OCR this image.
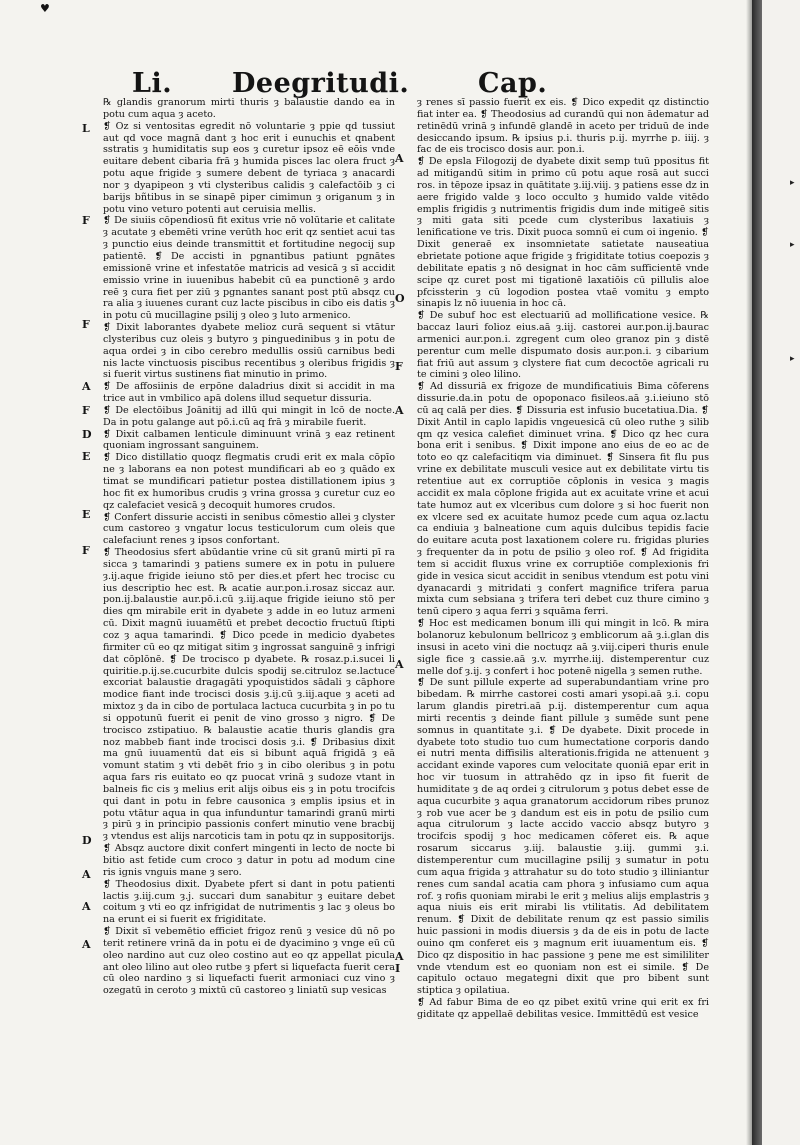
▸
▸
▸
♥
Li. Deegritudi.	Cap.
L
F
F
A
F
D
E
E
F
A
D
A
A
A
O
F
A
A
A
I

℞ glandis granorum mirti thuris ȝ balaustie dando ea in potu cum aqua ȝ aceto.

❡ Oz si ventositas egredit nō voluntarie ȝ ppie qd tussiut aut qd voce magnā dant ȝ hoc erit i eunuchis et qnabent sstratis ȝ humiditatis sup eos ȝ curetur ipsoz eē eōis vnde euitare debent cibaria frā ȝ humida pisces lac olera fruct ȝ potu aque frigide ȝ sumere debent de tyriaca ȝ anacardi nor ȝ dyapipeon ȝ vti clysteribus calidis ȝ calefactōib ȝ ci barijs bñtibus in se sinapē piper cimimun ȝ origanum ȝ in potu vino veturo potenti aut ceruisia mellis.

❡ De siuiis cōpendiosū fit exitus vrie nō volūtarie et calitate ȝ acutate ȝ ebemēti vrine verūth hoc erit qz sentiet acui tas ȝ punctio eius deinde transmittit et fortitudine negocij sup patientē. ❡ De accisti in pgnantibus patiunt pgnātes emissionē vrine et infestatōe matricis ad vesicā ȝ sī accidit emissio vrine in iuuenibus habebit cū ea punctionē ȝ ardo reē ȝ cura fiet per ziū ȝ pgnantes sanant post ptū absqz cu ra alia ȝ iuuenes curant cuz lacte piscibus in cibo eis datis ȝ in potu cū mucillagine psilij ȝ oleo ȝ luto armenico.

❡ Dixit laborantes dyabete melioz curā sequent si vtātur clysteribus cuz oleis ȝ butyro ȝ pinguedinibus ȝ in potu de aqua ordei ȝ in cibo cerebro medullis ossiū carnibus bedi nis lacte vinctuosis piscibus recentibus ȝ oleribus frigidis ȝ si fuerit virtus sustinens fiat minutio in primo.

❡ De affosiinis de erpōne daladrius dixit si accidit in ma trice aut in vmbilico apā dolens illud sequetur dissuria.

❡ De electōibus Joānitij ad illū qui mingit in lcō de nocte. Da in potu galange aut pō.i.cū aq frā ȝ mirabile fuerit.

❡ Dixit calbamen lenticule diminuunt vrinā ȝ eaz retinent quoniam ingrossant sanguinem.

❡ Dico distillatio quoqz flegmatis crudi erit ex mala cōpīo ne ȝ laborans ea non potest mundificari ab eo ȝ quādo ex timat se mundificari patietur postea distillationem ipius ȝ hoc fit ex humoribus crudis ȝ vrina grossa ȝ curetur cuz eo qz calefaciet vesicā ȝ decoquit humores crudos.

❡ Confert dissurie accisti in senibus cōmestio allei ȝ clyster cum castoreo ȝ vngatur locus testiculorum cum oleis que calefaciunt renes ȝ ipsos confortant.

❡ Theodosius sfert abūdantie vrine cū sit granū mirti pī ra sicca ȝ tamarindi ȝ patiens sumere ex in potu in puluere ȝ.ij.aque frigide ieiuno stō per dies.et pfert hec trocisc cu ius descriptio hec est. ℞ acatie aur.pon.i.rosaz siccaz aur. pon.ij.balaustie aur.pō.i.cū ȝ.iij.aque frigide ieiuno stō per dies qm mirabile erit in dyabete ȝ adde in eo lutuz armeni cū. Dixit magnū iuuamētū et prebet decoctio fructuū ſtipti coz ȝ aqua tamarindi. ❡ Dico pcede in medicio dyabetes firmiter cū eo qz mitigat sitim ȝ ingrossat sanguinē ȝ infrigi dat cōplōnē. ❡ De trocisco p dyabete. ℞ rosaz.p.i.sucei li quiritie.p.ij.se.cucurbite dulcis spodij se.citruloz se.lactuce excoriat balaustie dragagāti ypoquistidos sādali ȝ cāphore modice fiant inde trocisci dosis ȝ.ij.cū ȝ.iij.aque ȝ aceti ad mixtoz ȝ da in cibo de portulaca lactuca cucurbita ȝ in po tu si oppotunū fuerit ei penit de vino grosso ȝ nigro. ❡ De trocisco zstipatiuo. ℞ balaustie acatie thuris glandis gra noz mabbeb fiant inde trocisci dosis ȝ.i. ❡ Dribasius dixit ma gnū iuuamentū dat eis si bibunt aquā frigidā ȝ eā vomunt statim ȝ vti debēt frio ȝ in cibo oleribus ȝ in potu aqua fars ris euitato eo qz puocat vrinā ȝ sudoze vtant in balneis fic cis ȝ melius erit alijs oibus eis ȝ in potu trocifcis qui dant in potu in febre causonica ȝ emplis ipsius et in potu vtātur aqua in qua infunduntur tamarindi granū mirti ȝ pirū ȝ in principio passionis confert minutio vene bracbij ȝ vtendus est alijs narcoticis tam in potu qz in suppositorijs.

❡ Absqz auctore dixit confert mingenti in lecto de nocte bi bitio ast fetide cum croco ȝ datur in potu ad modum cine ris ignis vnguis mane ȝ sero.

❡ Theodosius dixit. Dyabete pfert si dant in potu patienti lactis ȝ.iij.cum ȝ.j. succari dum sanabitur ȝ euitare debet coitum ȝ vti eo qz infrigidat de nutrimentis ȝ lac ȝ oleus bo na erunt ei si fuerit ex frigiditate.

❡ Dixit sī vebemētio efficiet frigoz renū ȝ vesice dū nō po terit retinere vrinā da in potu ei de dyacimino ȝ vnge eū cū oleo nardino aut cuz oleo costino aut eo qz appellat picula ant oleo lilino aut oleo rutbe ȝ pfert si liquefacta fuerit cera cū oleo nardino ȝ si liquefacti fuerit armoniaci cuz vino ȝ ozegatū in ceroto ȝ mixtū cū castoreo ȝ liniatū sup vesicas

ȝ renes sī passio fuerit ex eis. ❡ Dico expedit qz distinctio fiat inter ea. ❡ Theodosius ad curandū qui non ādematur ad retinēdū vrinā ȝ infundē glandē in aceto per triduū de inde desiccando ipsum. ℞ ipsius p.i. thuris p.ij. myrrhe p. iiij. ȝ fac de eis trocisco dosis aur. pon.i.

❡ De epsla Filogozij de dyabete dixit semp tuū ppositus fit ad mitigandū sitim in primo cū potu aque rosā aut succi ros. in tēpoze ipsaz in quātitate ȝ.iij.viij. ȝ patiens esse dz in aere frigido valde ȝ loco occulto ȝ humido valde vitēdo emplis frigidis ȝ nutrimentis frigidis dum inde mitigeē sitis ȝ miti gata siti pcede cum clysteribus laxatiuis ȝ lenificatione ve tris. Dixit puoca somnū ei cum oi ingenio. ❡ Dixit generaē ex insomnietate satietate nauseatiua ebrietate potione aque frigide ȝ frigiditate totius coepozis ȝ debilitate epatis ȝ nō designat in hoc cām sufficientē vnde scipe qz curet post mi tigationē laxatiōis cū pillulis aloe pfcissterin ȝ cū logodion postea vtaē vomitu ȝ empto sinapis lz nō iuuenia in hoc cā.

❡ De subuf hoc est electuariū ad mollificatione vesice. ℞ baccaz lauri folioz eius.aā ȝ.iij. castorei aur.pon.ij.baurac armenici aur.pon.i. zgregent cum oleo granoz pin ȝ distē perentur cum melle dispumato dosis aur.pon.i. ȝ cibarium fiat friū aut assum ȝ clystere fiat cum decoctōe agricali ru te cimini ȝ oleo lilino.

❡ Ad dissuriā ex frigoze de mundificatiuis Bima cōferens dissurie.da.in potu de opoponaco fisileos.aā ȝ.i.ieiuno stō cū aq calā per dies. ❡ Dissuria est infusio bucetatiua.Dia. ❡ Dixit Antil in caplo lapidis vngeuesicā cū oleo ruthe ȝ silib qm qz vesica calefiet diminuet vrina. ❡ Dico qz hec cura bona erit i senibus. ❡ Dixit impone ano eius de eo ac de toto eo qz calefacitiqm via diminuet. ❡ Sinsera fit flu pus vrine ex debilitate musculi vesice aut ex debilitate virtu tis retentiue aut ex corruptiōe cōplonis in vesica ȝ magis accidit ex mala cōplone frigida aut ex acuitate vrine et acui tate humoz aut ex vlceribus cum dolore ȝ si hoc fuerit non ex vlcere sed ex acuitate humoz pcede cum aqua oz.lactu ca endiuia ȝ balneatione cum aquis dulcibus tepidis facie do euitare acuta post laxationem colere ru. frigidas pluries ȝ frequenter da in potu de psilio ȝ oleo rof. ❡ Ad frigidita tem si accidit fluxus vrine ex corruptiōe complexionis fri gide in vesica sicut accidit in senibus vtendum est potu vini dyanacardi ȝ mitridati ȝ confert magnifice trifera parua mixta cum sebsiana ȝ trifera teri debet cuz thure cimino ȝ tenū cipero ȝ aqua ferri ȝ squāma ferri.

❡ Hoc est medicamen bonum illi qui mingit in lcō. ℞ mira bolanoruz kebulonum bellricoz ȝ emblicorum aā ȝ.i.glan dis insusi in aceto vini die noctuqz aā ȝ.viij.ciperi thuris enule sigle fice ȝ cassie.aā ȝ.v. myrrhe.iij. distemperentur cuz melle dof ȝ.ij. ȝ confert i hoc potenē nigella ȝ semen ruthe.

❡ De sunt pillule experte ad superabundantiam vrine pro bibedam. ℞ mirrhe castorei costi amari ysopi.aā ȝ.i. copu larum glandis piretri.aā p.ij. distemperentur cum aqua mirti recentis ȝ deinde fiant pillule ȝ sumēde sunt pene somnus in quantitate ȝ.i. ❡ De dyabete. Dixit procede in dyabete toto studio tuo cum humectatione corporis dando ei nutri menta diffisilis alterationis.frigida ne attenuent ȝ accidant exinde vapores cum velocitate quoniā epar erit in hoc vir tuosum in attrahēdo qz in ipso fit fuerit de humiditate ȝ de aq ordei ȝ citrulorum ȝ potus debet esse de aqua cucurbite ȝ aqua granatorum accidorum ribes prunoz ȝ rob vue acer be ȝ dandum est eis in potu de psilio cum aqua citrulorum ȝ lacte accido vaccio absqz butyro ȝ trocifcis spodij ȝ hoc medicamen cōferet eis. ℞ aque rosarum siccarus ȝ.iij. balaustie ȝ.iij. gummi ȝ.i. distemperentur cum mucillagine psilij ȝ sumatur in potu cum aqua frigida ȝ attrahatur su do toto studio ȝ illiniantur renes cum sandal acatia cam phora ȝ infusiamo cum aqua rof. ȝ rofis quoniam mirabi le erit ȝ melius alijs emplastris ȝ aqua niuis eis erit mirabi lis vtilitatis. Ad debilitatem renum. ❡ Dixit de debilitate renum qz est passio similis huic passioni in modis diuersis ȝ da de eis in potu de lacte ouino qm conferet eis ȝ magnum erit iuuamentum eis. ❡ Dico qz dispositio in hac passione ȝ pene me est simililiter vnde vtendum est eo quoniam non est ei simile. ❡ De capitulo octauo megategni dixit que pro bibent sunt stiptica ȝ opilatiua.

❡ Ad fabur Bima de eo qz pibet exitū vrine qui erit ex fri giditate qz appellaē debilitas vesice. Immittēdū est vesice
